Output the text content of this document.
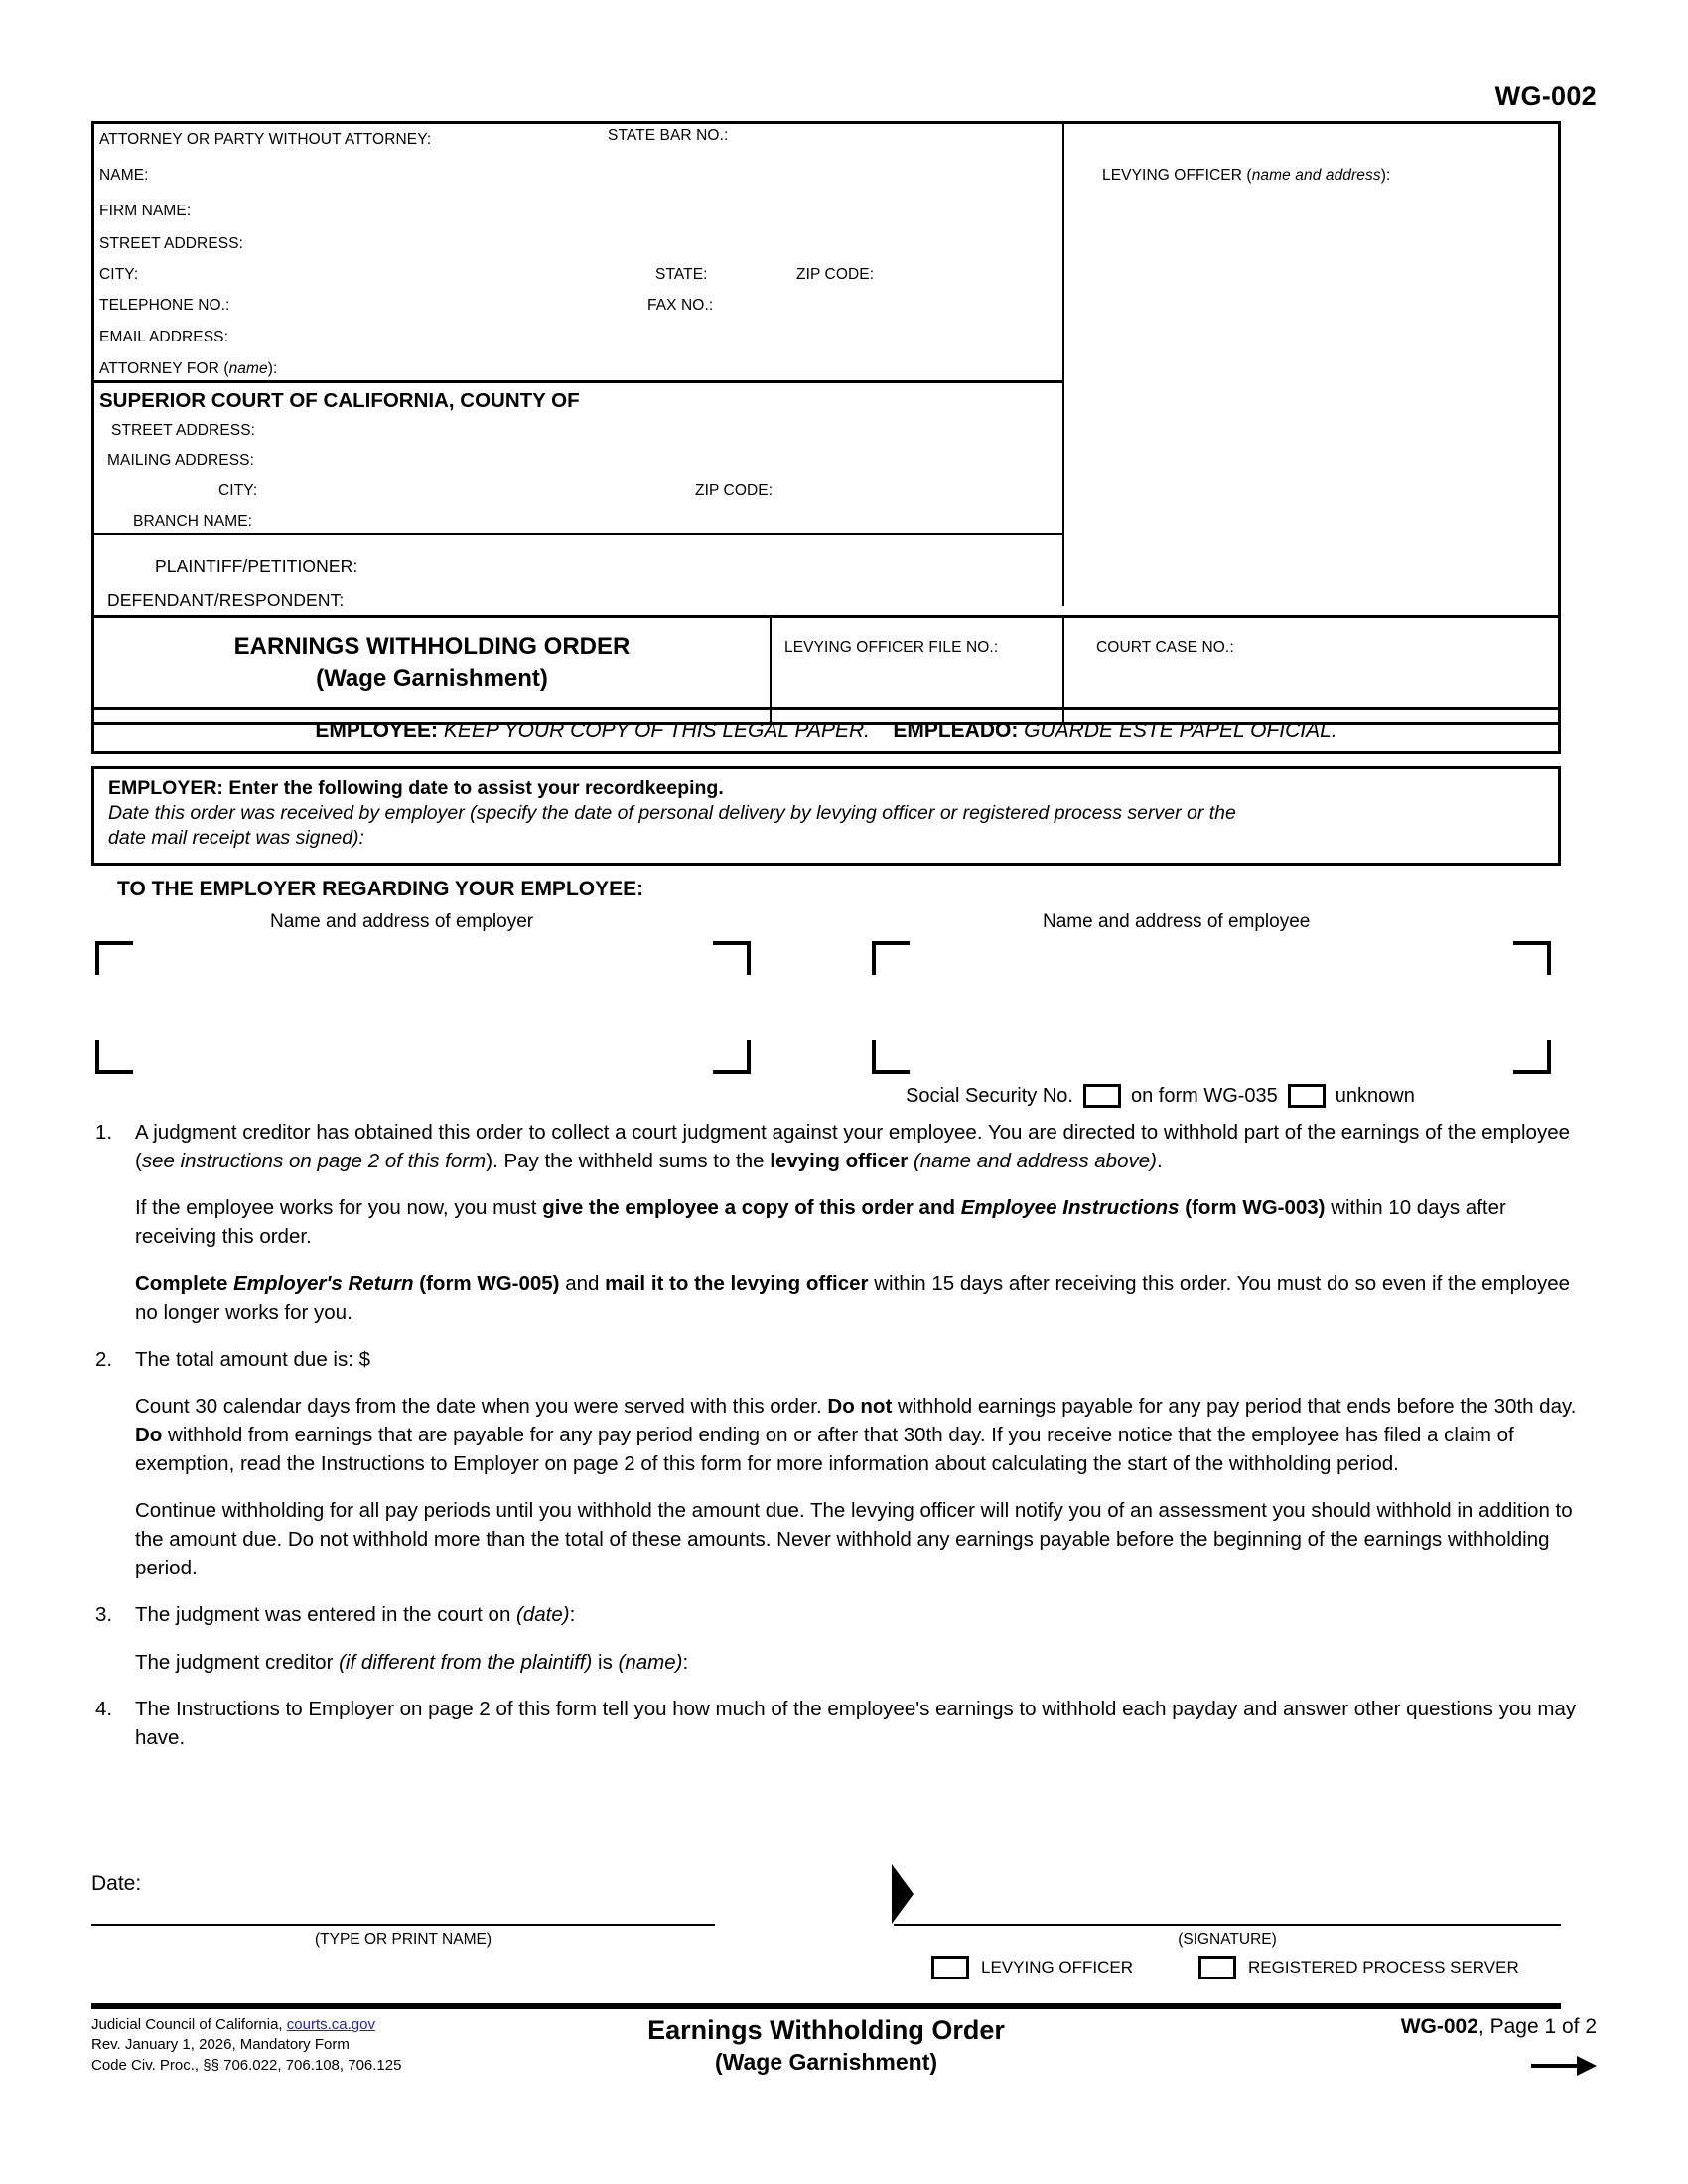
WG-002
ATTORNEY OR PARTY WITHOUT ATTORNEY:	STATE BAR NO.:
NAME:
FIRM NAME:
STREET ADDRESS:
CITY:	STATE:	ZIP CODE:
TELEPHONE NO.:	FAX NO.:
EMAIL ADDRESS:
ATTORNEY FOR (name):
LEVYING OFFICER (name and address):
SUPERIOR COURT OF CALIFORNIA, COUNTY OF
STREET ADDRESS:
MAILING ADDRESS:
CITY:	ZIP CODE:
BRANCH NAME:
PLAINTIFF/PETITIONER:
DEFENDANT/RESPONDENT:
EARNINGS WITHHOLDING ORDER
(Wage Garnishment)
LEVYING OFFICER FILE NO.:	COURT CASE NO.:
EMPLOYEE: KEEP YOUR COPY OF THIS LEGAL PAPER. EMPLEADO: GUARDE ESTE PAPEL OFICIAL.
EMPLOYER: Enter the following date to assist your recordkeeping.
Date this order was received by employer (specify the date of personal delivery by levying officer or registered process server or the
date mail receipt was signed):
TO THE EMPLOYER REGARDING YOUR EMPLOYEE:
Name and address of employer	Name and address of employee
Social Security No.	on form WG-035	unknown
1.	A judgment creditor has obtained this order to collect a court judgment against your employee. You are directed to withhold part of the earnings of the employee (see instructions on page 2 of this form). Pay the withheld sums to the levying officer (name and address above).

If the employee works for you now, you must give the employee a copy of this order and Employee Instructions (form WG-003) within 10 days after receiving this order.

Complete Employer's Return (form WG-005) and mail it to the levying officer within 15 days after receiving this order. You must do so even if the employee no longer works for you.

2.	The total amount due is: $

Count 30 calendar days from the date when you were served with this order. Do not withhold earnings payable for any pay period that ends before the 30th day. Do withhold from earnings that are payable for any pay period ending on or after that 30th day. If you receive notice that the employee has filed a claim of exemption, read the Instructions to Employer on page 2 of this form for more information about calculating the start of the withholding period.

Continue withholding for all pay periods until you withhold the amount due. The levying officer will notify you of an assessment you should withhold in addition to the amount due. Do not withhold more than the total of these amounts. Never withhold any earnings payable before the beginning of the earnings withholding period.

3.	The judgment was entered in the court on (date):

The judgment creditor (if different from the plaintiff) is (name):

4.	The Instructions to Employer on page 2 of this form tell you how much of the employee's earnings to withhold each payday and answer other questions you may have.

Date:
(TYPE OR PRINT NAME)	(SIGNATURE)
LEVYING OFFICER	REGISTERED PROCESS SERVER
Judicial Council of California, courts.ca.gov
Rev. January 1, 2026, Mandatory Form
Code Civ. Proc., §§ 706.022, 706.108, 706.125
Earnings Withholding Order
(Wage Garnishment)
WG-002, Page 1 of 2
